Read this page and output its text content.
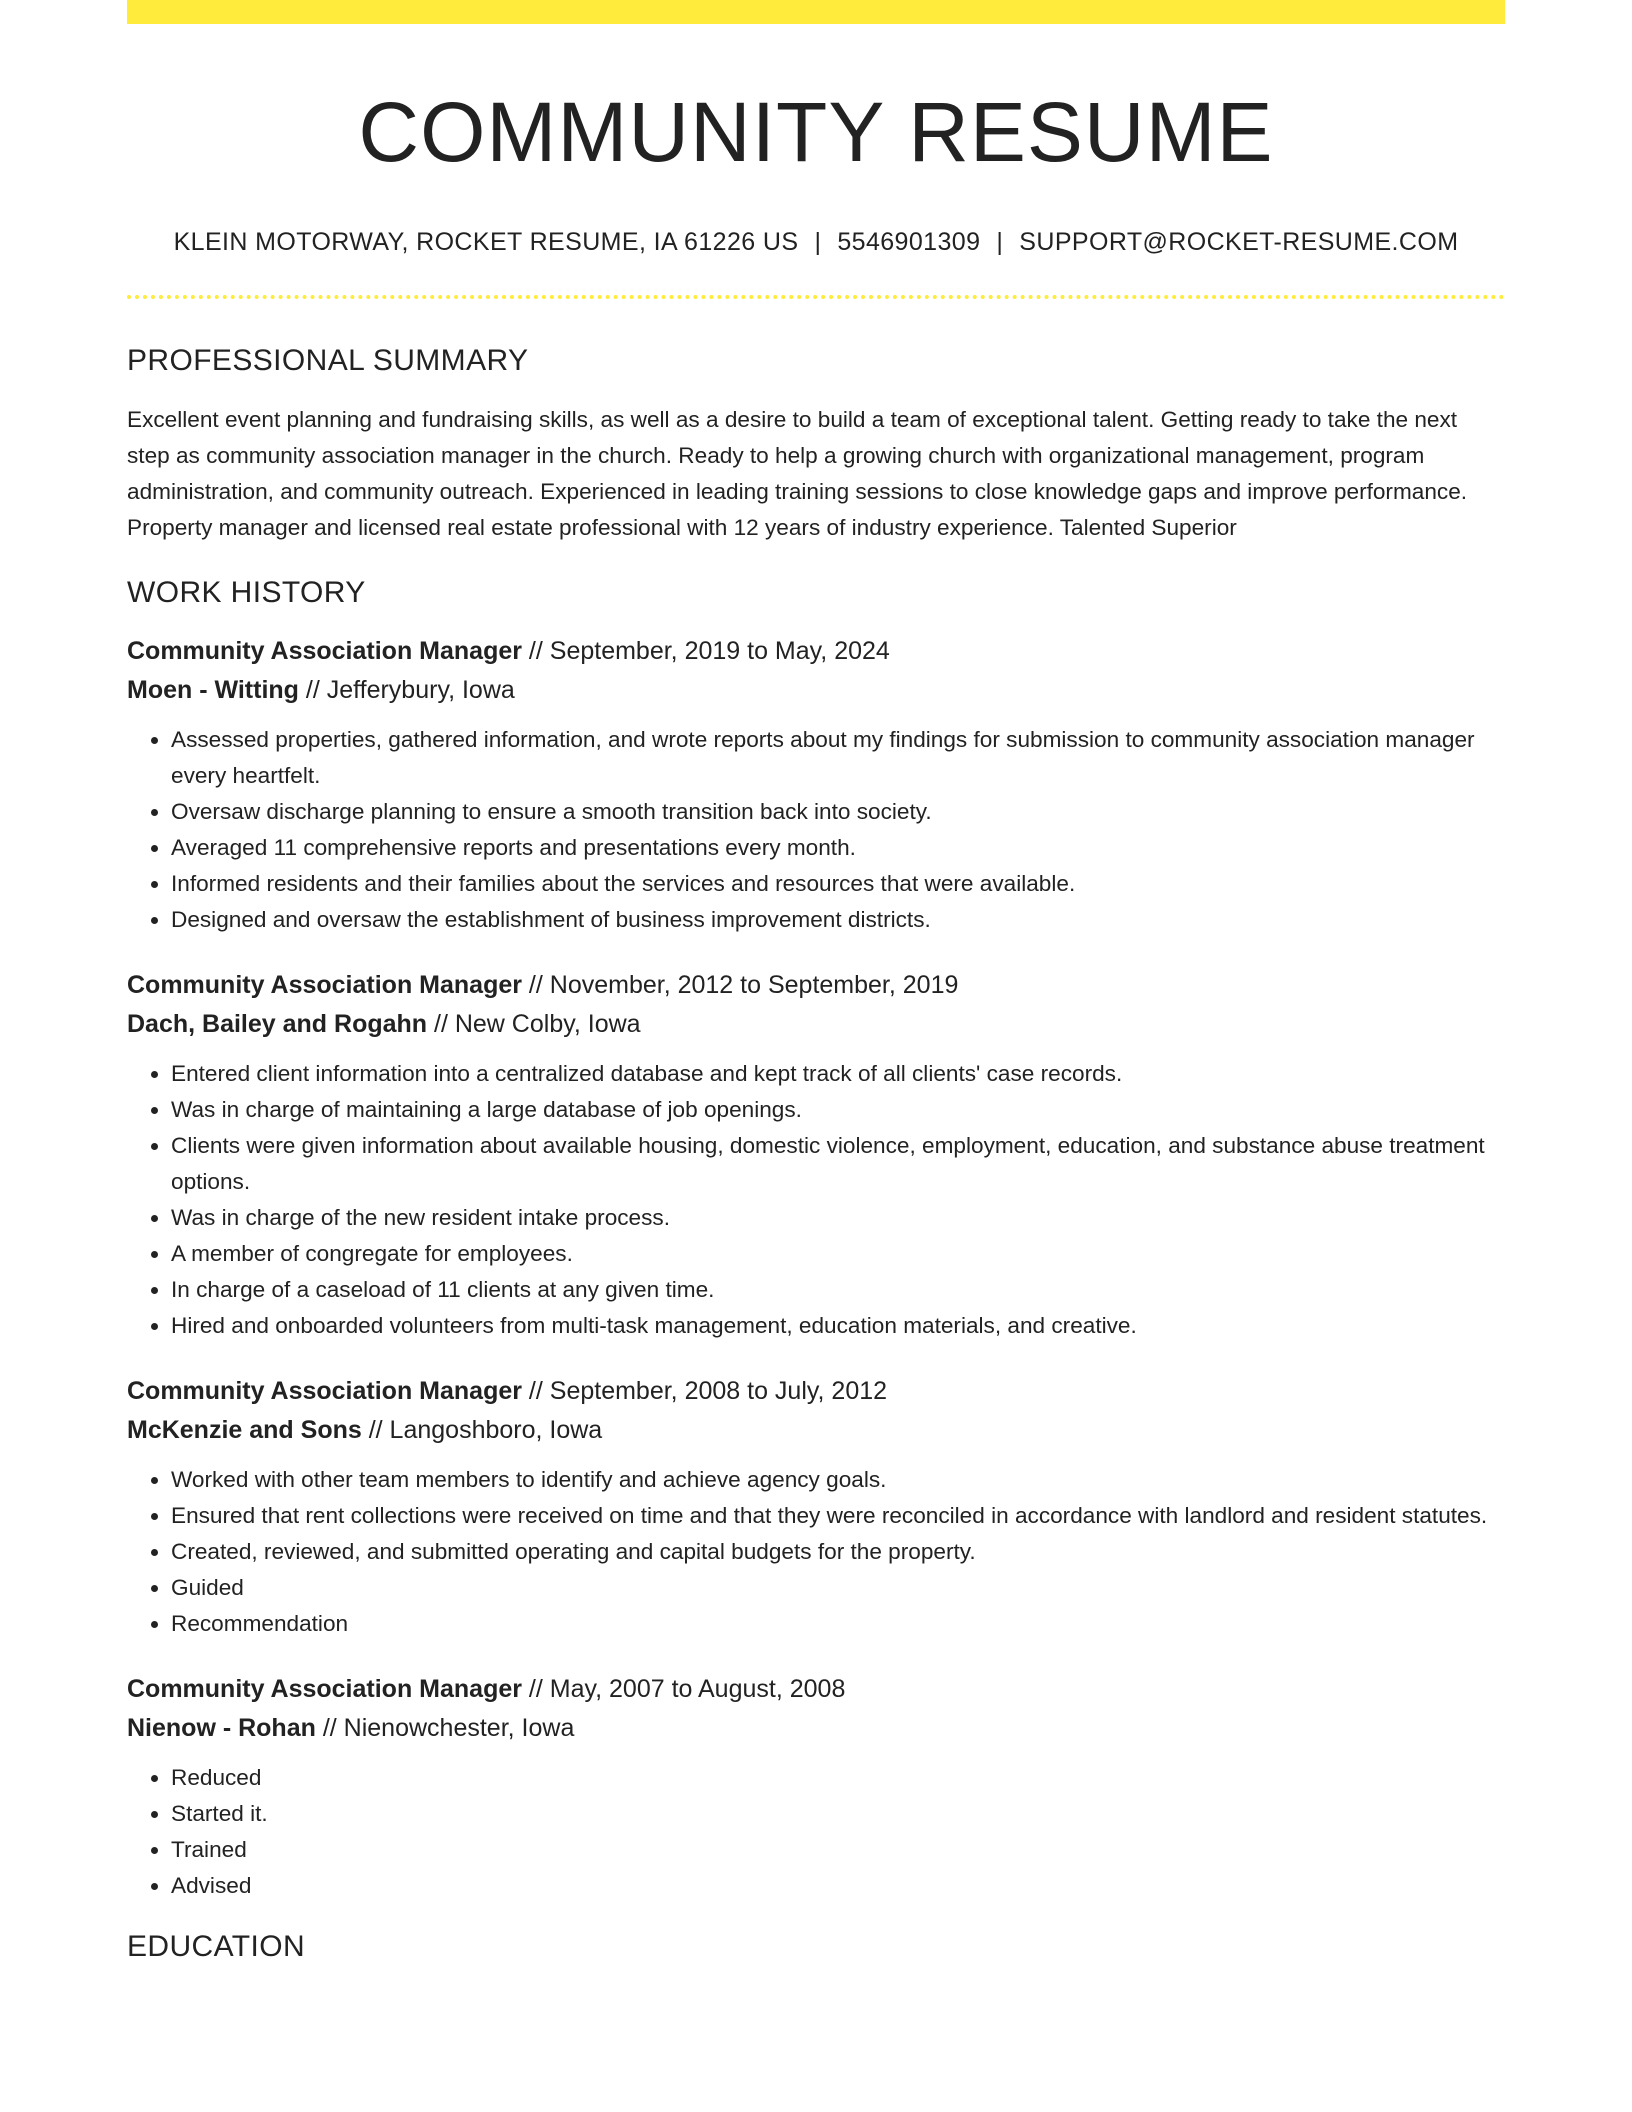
COMMUNITY RESUME
KLEIN MOTORWAY, ROCKET RESUME, IA 61226 US | 5546901309 | SUPPORT@ROCKET-RESUME.COM
PROFESSIONAL SUMMARY
Excellent event planning and fundraising skills, as well as a desire to build a team of exceptional talent. Getting ready to take the next step as community association manager in the church. Ready to help a growing church with organizational management, program administration, and community outreach. Experienced in leading training sessions to close knowledge gaps and improve performance. Property manager and licensed real estate professional with 12 years of industry experience. Talented Superior
WORK HISTORY
Community Association Manager // September, 2019 to May, 2024
Moen - Witting // Jefferybury, Iowa
• Assessed properties, gathered information, and wrote reports about my findings for submission to community association manager every heartfelt.
• Oversaw discharge planning to ensure a smooth transition back into society.
• Averaged 11 comprehensive reports and presentations every month.
• Informed residents and their families about the services and resources that were available.
• Designed and oversaw the establishment of business improvement districts.
Community Association Manager // November, 2012 to September, 2019
Dach, Bailey and Rogahn // New Colby, Iowa
• Entered client information into a centralized database and kept track of all clients' case records.
• Was in charge of maintaining a large database of job openings.
• Clients were given information about available housing, domestic violence, employment, education, and substance abuse treatment options.
• Was in charge of the new resident intake process.
• A member of congregate for employees.
• In charge of a caseload of 11 clients at any given time.
• Hired and onboarded volunteers from multi-task management, education materials, and creative.
Community Association Manager // September, 2008 to July, 2012
McKenzie and Sons // Langoshboro, Iowa
• Worked with other team members to identify and achieve agency goals.
• Ensured that rent collections were received on time and that they were reconciled in accordance with landlord and resident statutes.
• Created, reviewed, and submitted operating and capital budgets for the property.
• Guided
• Recommendation
Community Association Manager // May, 2007 to August, 2008
Nienow - Rohan // Nienowchester, Iowa
• Reduced
• Started it.
• Trained
• Advised
EDUCATION
